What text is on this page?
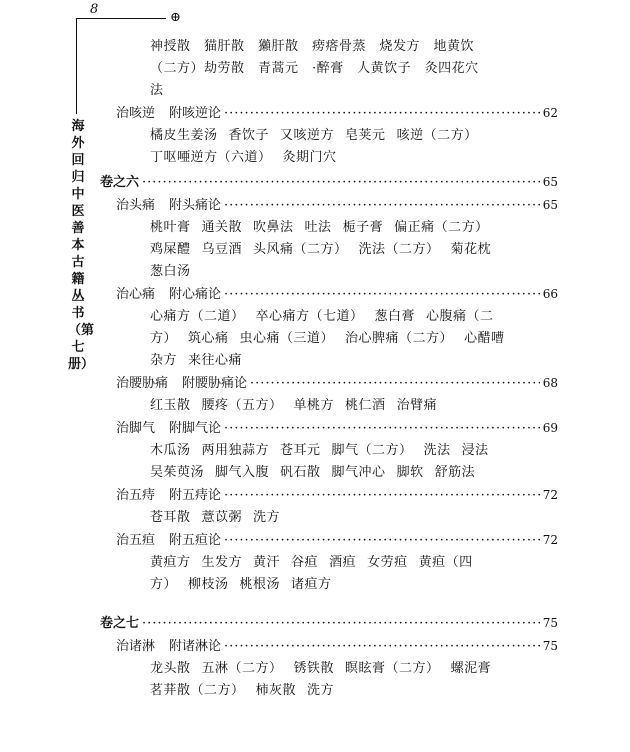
8
⊕
海外回归中医善本古籍丛书（第七册）
神授散　猫肝散　獺肝散　痨瘩骨蒸　烧发方　地黄饮
（二方）劫劳散　青蒿元　·醉膏　人黄饮子　灸四花穴
法
治咳逆 附咳逆论 ·····	62
橘皮生姜汤 香饮子 又咳逆方 皂荚元 咳逆（二方）
丁呕唖逆方（六道） 灸期门穴
卷之六 ·····	65
治头痛 附头痛论 ·····	65
桃叶膏 通关散 吹鼻法 吐法 栀子膏 偏正痛（二方）
鸡屎醴 乌豆酒 头风痛（二方） 洗法（二方） 菊花枕
葱白汤
治心痛 附心痛论 ·····	66
心痛方（二道） 卒心痛方（七道） 葱白膏 心腹痛（二
方） 筑心痛 虫心痛（三道） 治心脾痛（二方） 心醋嘈
杂方 来往心痛
治腰胁痛 附腰胁痛论 ·····	68
红玉散 腰疼（五方） 单桃方 桃仁酒 治臂痛
治脚气 附脚气论 ·····	69
木瓜汤 两用独蒜方 苍耳元 脚气（二方） 洗法 浸法
吴茱萸汤 脚气入腹 矾石散 脚气冲心 脚软 舒筋法
治五痔 附五痔论 ·····	72
苍耳散 薏苡粥 洗方
治五疸 附五疸论 ·····	72
黄疸方 生发方 黄汗 谷疸 酒疸 女劳疸 黄疸（四
方） 柳枝汤 桃根汤 诸疸方
卷之七 ·····	75
治诸淋 附诸淋论 ·····	75
龙头散 五淋（二方） 锈铁散 瞑眩膏（二方） 螺泥膏
茗荓散（二方） 柿灰散 洗方
